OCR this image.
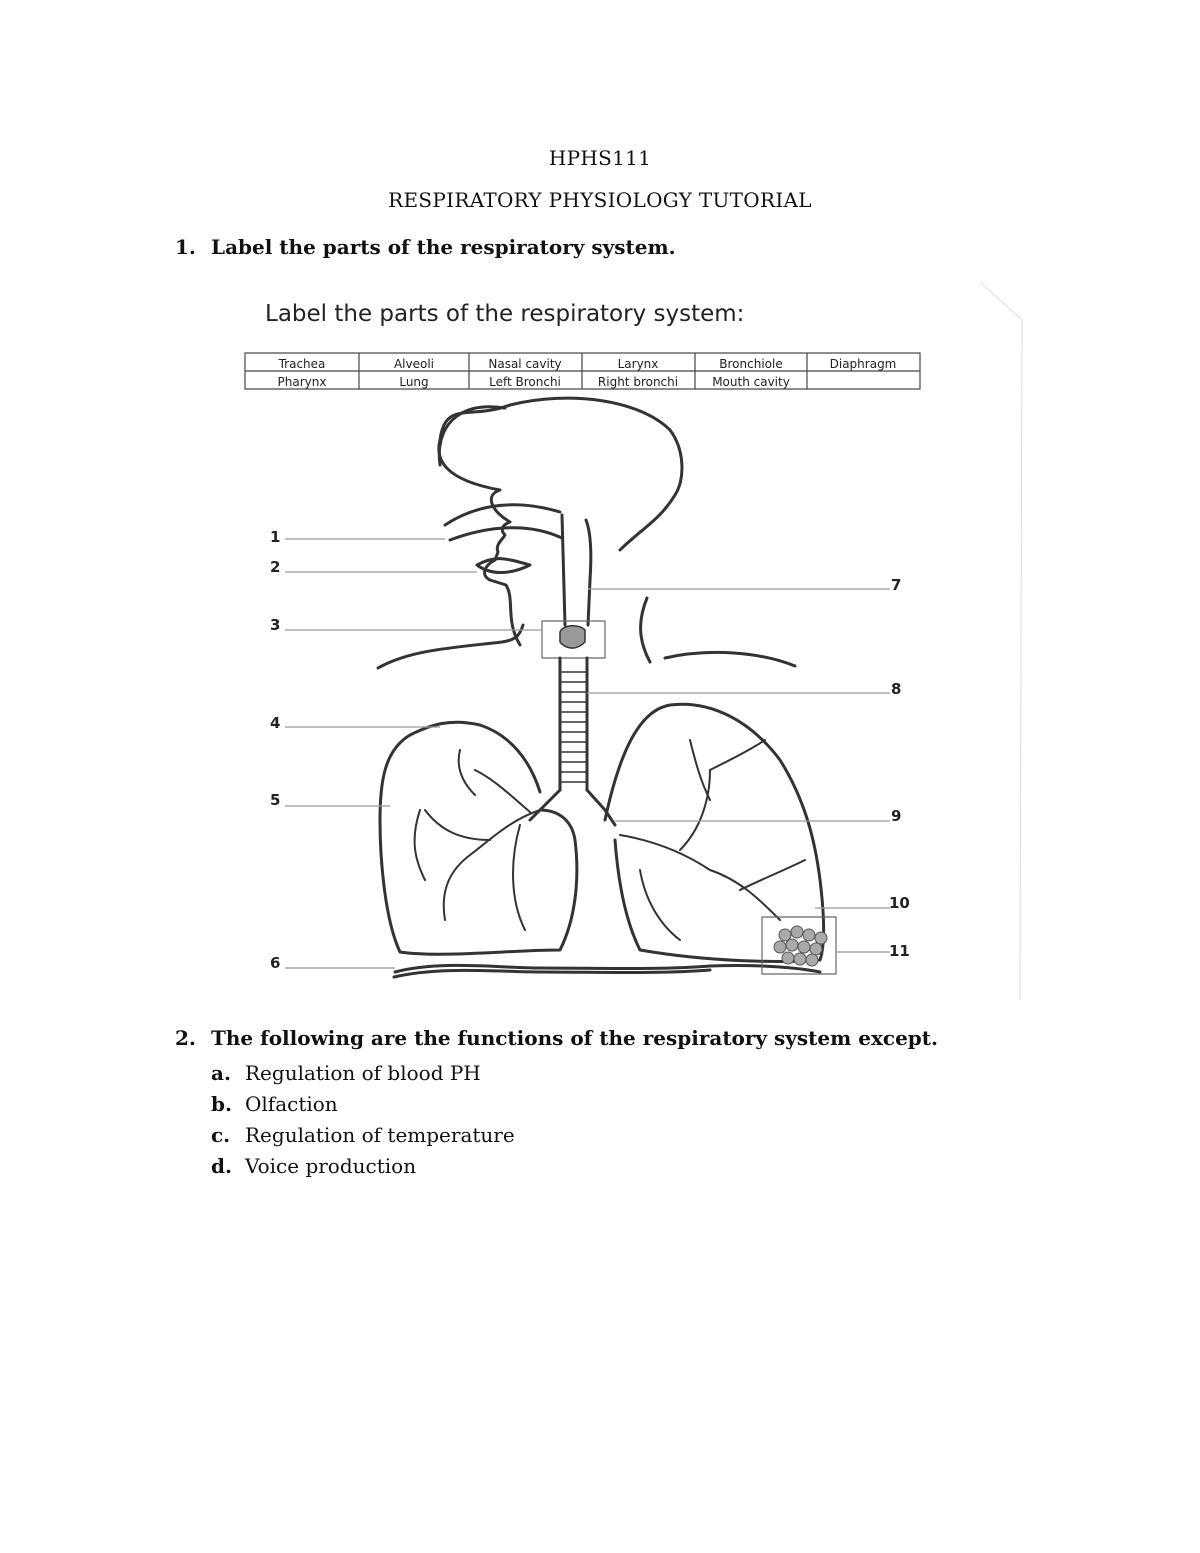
HPHS111
RESPIRATORY PHYSIOLOGY TUTORIAL
1. Label the parts of the respiratory system.
Label the parts of the respiratory system:
Trachea	Alveoli	Nasal cavity	Larynx	Bronchiole	Diaphragm
Pharynx	Lung	Left Bronchi	Right bronchi	Mouth cavity
1
2
3
4
5
6
7
8
9
10
11
2. The following are the functions of the respiratory system except.
a. Regulation of blood PH
b. Olfaction
c. Regulation of temperature
d. Voice production
